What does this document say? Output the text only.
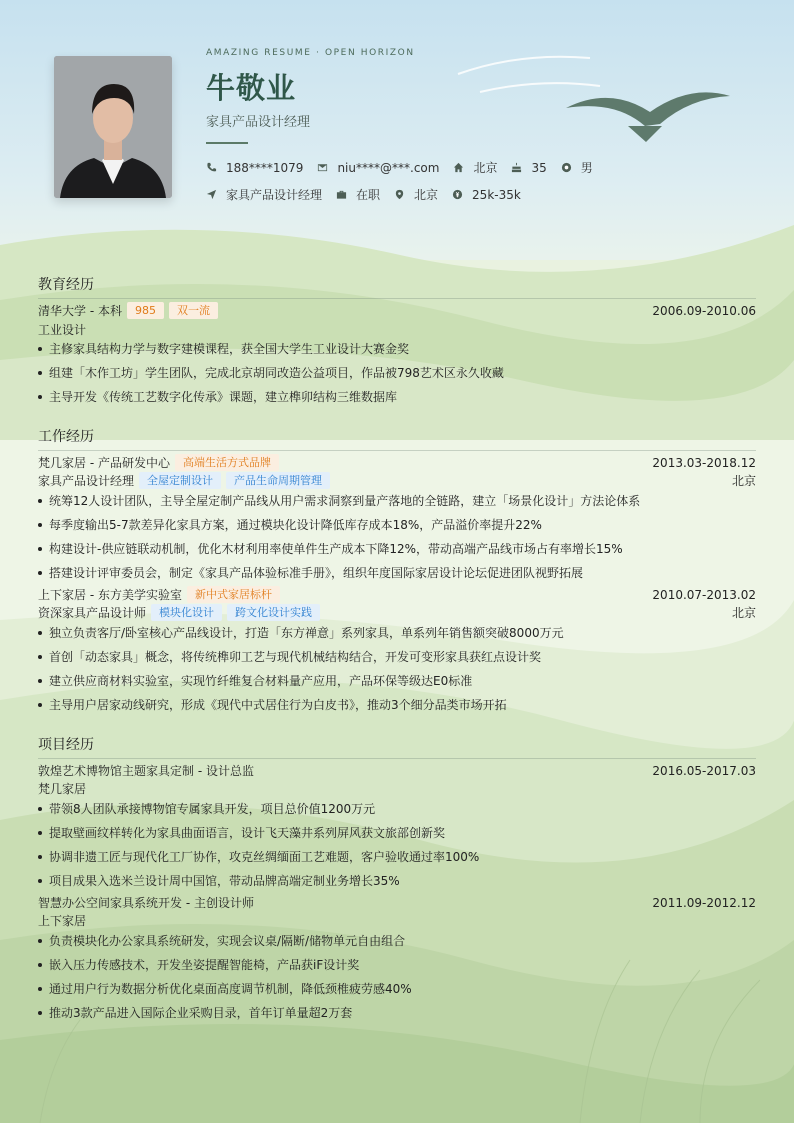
AMAZING RESUME · OPEN HORIZON
牛敬业
家具产品设计经理
188****1079	niu****@***.com	北京	35	男
家具产品设计经理	在职	北京	25k-35k
教育经历
清华大学 - 本科	985	双一流	2006.09-2010.06
工业设计
主修家具结构力学与数字建模课程，获全国大学生工业设计大赛金奖
组建「木作工坊」学生团队，完成北京胡同改造公益项目，作品被798艺术区永久收藏
主导开发《传统工艺数字化传承》课题，建立榫卯结构三维数据库
工作经历
梵几家居 - 产品研发中心	高端生活方式品牌	2013.03-2018.12
家具产品设计经理	全屋定制设计	产品生命周期管理	北京
统筹12人设计团队，主导全屋定制产品线从用户需求洞察到量产落地的全链路，建立「场景化设计」方法论体系
每季度输出5-7款差异化家具方案，通过模块化设计降低库存成本18%，产品溢价率提升22%
构建设计-供应链联动机制，优化木材利用率使单件生产成本下降12%，带动高端产品线市场占有率增长15%
搭建设计评审委员会，制定《家具产品体验标准手册》，组织年度国际家居设计论坛促进团队视野拓展
上下家居 - 东方美学实验室	新中式家居标杆	2010.07-2013.02
资深家具产品设计师	模块化设计	跨文化设计实践	北京
独立负责客厅/卧室核心产品线设计，打造「东方禅意」系列家具，单系列年销售额突破8000万元
首创「动态家具」概念，将传统榫卯工艺与现代机械结构结合，开发可变形家具获红点设计奖
建立供应商材料实验室，实现竹纤维复合材料量产应用，产品环保等级达E0标准
主导用户居家动线研究，形成《现代中式居住行为白皮书》，推动3个细分品类市场开拓
项目经历
敦煌艺术博物馆主题家具定制 - 设计总监	2016.05-2017.03
梵几家居
带领8人团队承接博物馆专属家具开发，项目总价值1200万元
提取壁画纹样转化为家具曲面语言，设计飞天藻井系列屏风获文旅部创新奖
协调非遗工匠与现代化工厂协作，攻克丝绸缅面工艺难题，客户验收通过率100%
项目成果入选米兰设计周中国馆，带动品牌高端定制业务增长35%
智慧办公空间家具系统开发 - 主创设计师	2011.09-2012.12
上下家居
负责模块化办公家具系统研发，实现会议桌/隔断/储物单元自由组合
嵌入压力传感技术，开发坐姿提醒智能椅，产品获iF设计奖
通过用户行为数据分析优化桌面高度调节机制，降低颈椎疲劳感40%
推动3款产品进入国际企业采购目录，首年订单量超2万套
